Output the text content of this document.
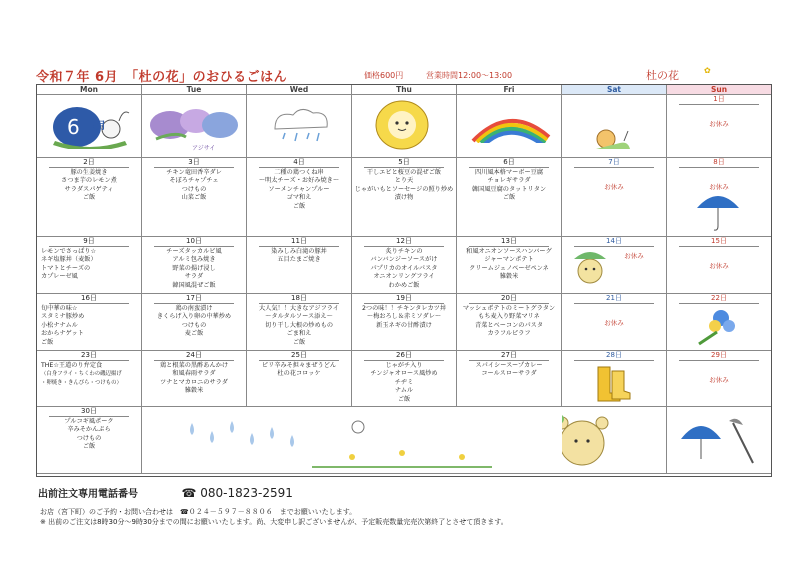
令和７年 6月　「杜の花」のおひるごはん	価格600円	営業時間12:00～13:00	杜の花	✿
Mon	Tue	Wed	Thu	Fri	Sat	Sun
6 6月
アジサイ
1日
お休み
2日
豚の生姜焼き
さつま芋のレモン煮
サラダスパゲティ
ご飯
3日
チキン竜田香辛ダレ
そぼろチャプチェ
つけもの
山菜ご飯
4日
二種の鶏つくね串
～明太チーズ・お好み焼き～
ソーメンチャンプルー
ゴマ和え
ご飯
5日
干しエビと桜豆の混ぜご飯
とり天
じゃがいもとソーセージの照り炒め
漬け物
6日
四川風本格マーボー豆腐
チョレギサラダ
韓国風豆腐のタットリタン
ご飯
7日
お休み
8日
お休み
9日
レモンでさっぱり☆
ネギ塩豚丼（麦飯）
トマトとチーズの
カプレーゼ風
10日
チーズタッカルビ風
アルミ包み焼き
野菜の揚げ浸し
サラダ
韓国風混ぜご飯
11日
染みしみ白滝の豚丼
五目たまご焼き
12日
炙りチキンの
バンバンジーソースがけ
パプリカのオイルパスタ
オニオンリングフライ
わかめご飯
13日
和風オニオンソースハンバーグ
ジャーマンポテト
クリームジェノベーゼペンネ
雑穀米
14日
お休み
15日
お休み
16日
旬中華の味☆
スタミナ豚炒め
小松ナナムル
おからナゲット
ご飯
17日
鶏の南蛮漬け
きくらげ入り卵の中華炒め
つけもの
麦ご飯
18日
大人気！！大きなアジフライ
～タルタルソース添え～
切り干し大根の炒めもの
ごま和え
ご飯
19日
2つの味！！チキンタレカツ丼
～梅おろし＆赤ミソダレ～
新玉ネギの甘酢漬け
20日
マッシュポテトのミートグラタン
もち麦入り野菜マリネ
青菜とベーコンのパスタ
カラフルピラフ
21日
お休み
22日
23日
THE☆王道のり弁定食
（白身フライ・ちくわの磯辺揚げ
・卵焼き・きんぴら・つけもの）
24日
鶏と根菜の黒酢あんかけ
和風春雨サラダ
ツナとマカロニのサラダ
雑穀米
25日
ピリ辛みそ担々まぜうどん
杜の花コロッケ
26日
じゃがチ入り
チンジャオロース風炒め
チヂミ
ナムル
ご飯
27日
スパイシースープカレー
コールスローサラダ
28日	29日
お休み
30日
プルコギ風ポーク
辛みそかんぷら
つけもの
ご飯
出前注文専用電話番号	☎ 080-1823-2591
お店（宮下町）のご予約・お問い合わせは　☎０２４－５９７－８８０６　までお願いいたします。
※ 出前のご注文は8時30分～9時30分までの間にお願いいたします。尚、大変申し訳ございませんが、予定販売数量完売次第終了とさせて頂きます。
